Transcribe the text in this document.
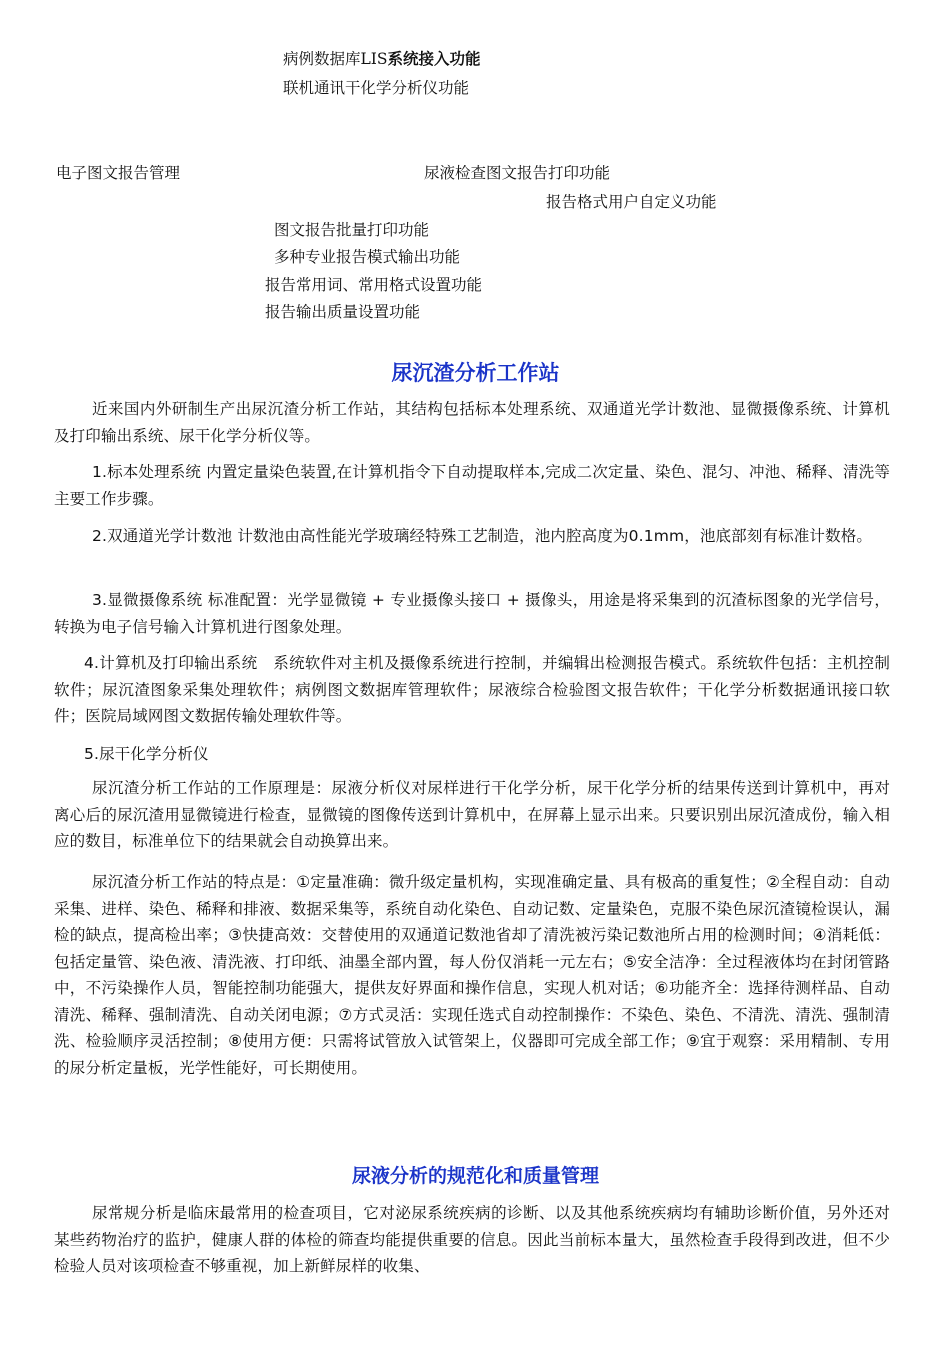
病例数据库LIS系统接入功能
联机通讯干化学分析仪功能
电子图文报告管理	尿液检查图文报告打印功能
报告格式用户自定义功能
图文报告批量打印功能
多种专业报告模式输出功能
报告常用词、常用格式设置功能
报告输出质量设置功能
尿沉渣分析工作站
近来国内外研制生产出尿沉渣分析工作站，其结构包括标本处理系统、双通道光学计数池、显微摄像系统、计算机及打印输出系统、尿干化学分析仪等。
1.标本处理系统 内置定量染色装置,在计算机指令下自动提取样本,完成二次定量、染色、混匀、冲池、稀释、清洗等主要工作步骤。
2.双通道光学计数池 计数池由高性能光学玻璃经特殊工艺制造，池内腔高度为0.1mm，池底部刻有标准计数格。
3.显微摄像系统 标准配置：光学显微镜 + 专业摄像头接口 + 摄像头，用途是将采集到的沉渣标图象的光学信号，转换为电子信号输入计算机进行图象处理。
4.计算机及打印输出系统　系统软件对主机及摄像系统进行控制，并编辑出检测报告模式。系统软件包括：主机控制软件；尿沉渣图象采集处理软件；病例图文数据库管理软件；尿液综合检验图文报告软件；干化学分析数据通讯接口软件；医院局域网图文数据传输处理软件等。
5.尿干化学分析仪
尿沉渣分析工作站的工作原理是：尿液分析仪对尿样进行干化学分析，尿干化学分析的结果传送到计算机中，再对离心后的尿沉渣用显微镜进行检查，显微镜的图像传送到计算机中，在屏幕上显示出来。只要识别出尿沉渣成份，输入相应的数目，标准单位下的结果就会自动换算出来。
尿沉渣分析工作站的特点是：①定量准确：微升级定量机构，实现准确定量、具有极高的重复性；②全程自动：自动采集、进样、染色、稀释和排液、数据采集等，系统自动化染色、自动记数、定量染色，克服不染色尿沉渣镜检误认，漏检的缺点，提高检出率；③快捷高效：交替使用的双通道记数池省却了清洗被污染记数池所占用的检测时间；④消耗低：包括定量管、染色液、清洗液、打印纸、油墨全部内置，每人份仅消耗一元左右；⑤安全洁净：全过程液体均在封闭管路中，不污染操作人员，智能控制功能强大，提供友好界面和操作信息，实现人机对话；⑥功能齐全：选择待测样品、自动清洗、稀释、强制清洗、自动关闭电源；⑦方式灵活：实现任选式自动控制操作：不染色、染色、不清洗、清洗、强制清洗、检验顺序灵活控制；⑧使用方便：只需将试管放入试管架上，仪器即可完成全部工作；⑨宜于观察：采用精制、专用的尿分析定量板，光学性能好，可长期使用。
尿液分析的规范化和质量管理
尿常规分析是临床最常用的检查项目，它对泌尿系统疾病的诊断、以及其他系统疾病均有辅助诊断价值，另外还对某些药物治疗的监护，健康人群的体检的筛查均能提供重要的信息。因此当前标本量大，虽然检查手段得到改进，但不少检验人员对该项检查不够重视，加上新鲜尿样的收集、
